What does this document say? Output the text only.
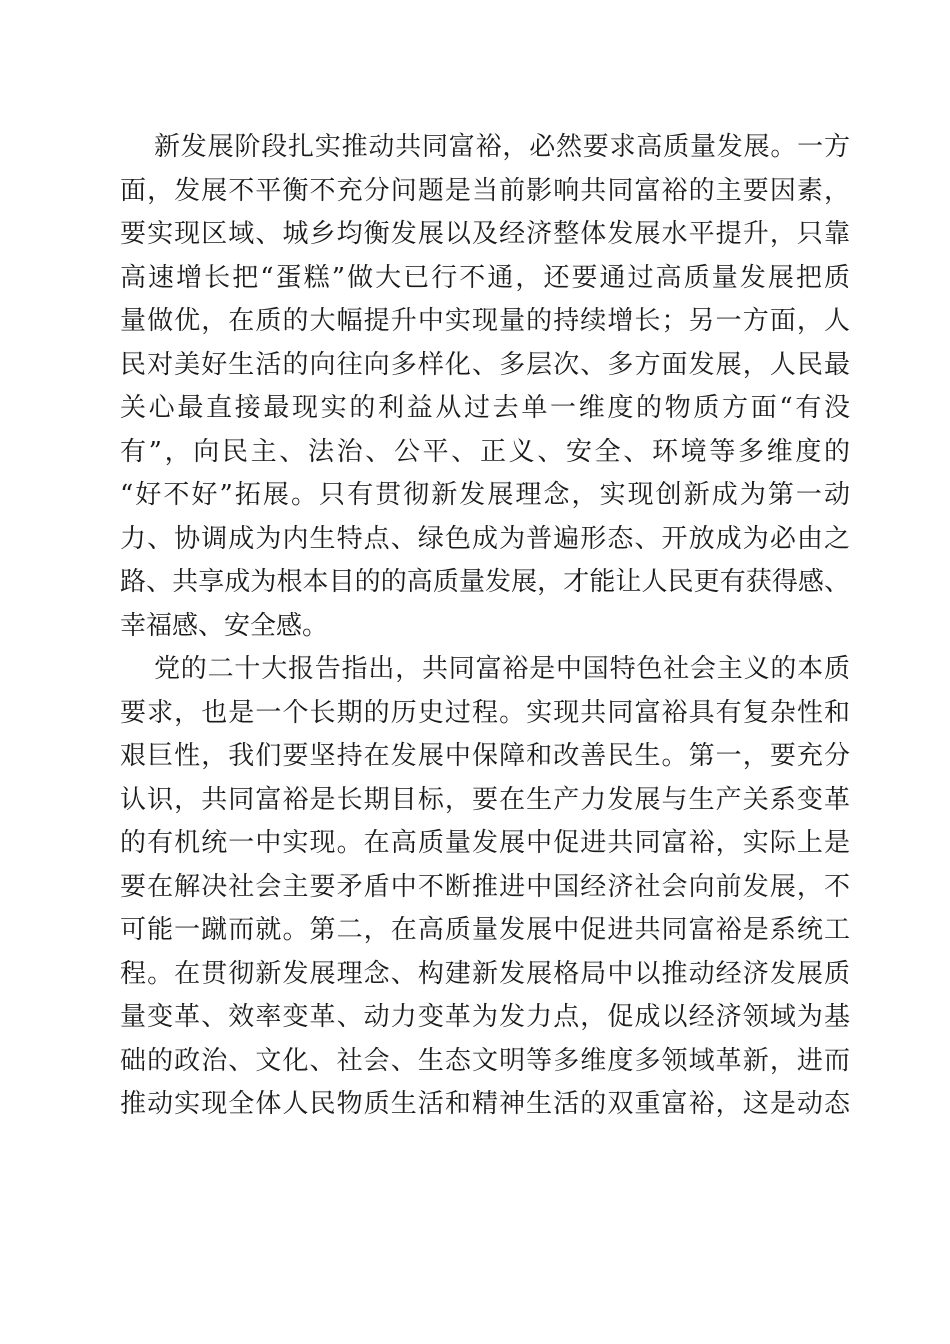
新发展阶段扎实推动共同富裕，必然要求高质量发展。一方
面，发展不平衡不充分问题是当前影响共同富裕的主要因素，
要实现区域、城乡均衡发展以及经济整体发展水平提升，只靠
高速增长把“蛋糕”做大已行不通，还要通过高质量发展把质
量做优，在质的大幅提升中实现量的持续增长；另一方面，人
民对美好生活的向往向多样化、多层次、多方面发展，人民最
关心最直接最现实的利益从过去单一维度的物质方面“有没
有”，向民主、法治、公平、正义、安全、环境等多维度的
“好不好”拓展。只有贯彻新发展理念，实现创新成为第一动
力、协调成为内生特点、绿色成为普遍形态、开放成为必由之
路、共享成为根本目的的高质量发展，才能让人民更有获得感、
幸福感、安全感。
党的二十大报告指出，共同富裕是中国特色社会主义的本质
要求，也是一个长期的历史过程。实现共同富裕具有复杂性和
艰巨性，我们要坚持在发展中保障和改善民生。第一，要充分
认识，共同富裕是长期目标，要在生产力发展与生产关系变革
的有机统一中实现。在高质量发展中促进共同富裕，实际上是
要在解决社会主要矛盾中不断推进中国经济社会向前发展，不
可能一蹴而就。第二，在高质量发展中促进共同富裕是系统工
程。在贯彻新发展理念、构建新发展格局中以推动经济发展质
量变革、效率变革、动力变革为发力点，促成以经济领域为基
础的政治、文化、社会、生态文明等多维度多领域革新，进而
推动实现全体人民物质生活和精神生活的双重富裕，这是动态
